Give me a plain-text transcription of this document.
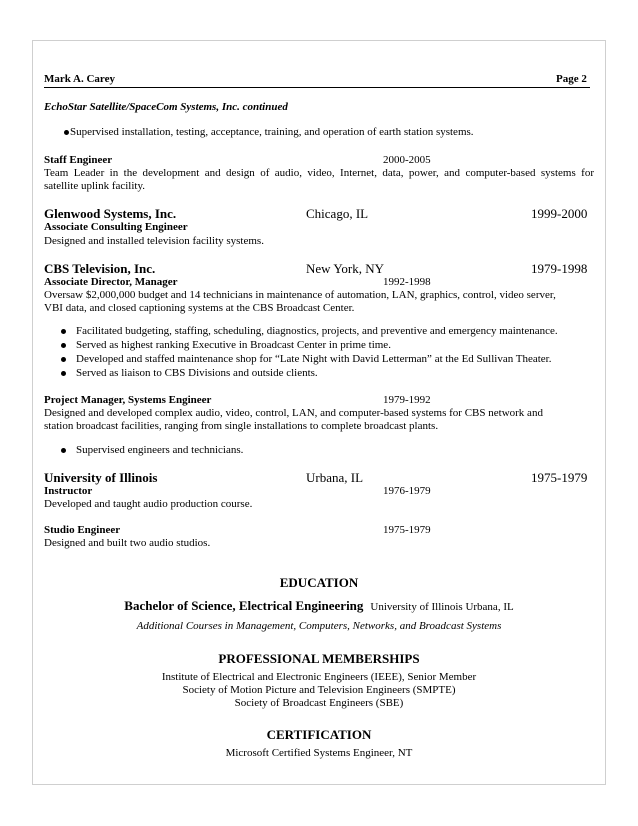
Mark A. Carey	Page 2
EchoStar Satellite/SpaceCom Systems, Inc. continued
Supervised installation, testing, acceptance, training, and operation of earth station systems.
Staff Engineer	2000-2005
Team Leader in the development and design of audio, video, Internet, data, power, and computer-based systems for
satellite uplink facility.
Glenwood Systems, Inc.	Chicago, IL	1999-2000
Associate Consulting Engineer
Designed and installed television facility systems.
CBS Television, Inc.	New York, NY	1979-1998
Associate Director, Manager	1992-1998
Oversaw $2,000,000 budget and 14 technicians in maintenance of automation, LAN, graphics, control, video server,
VBI data, and closed captioning systems at the CBS Broadcast Center.
Facilitated budgeting, staffing, scheduling, diagnostics, projects, and preventive and emergency maintenance.
Served as highest ranking Executive in Broadcast Center in prime time.
Developed and staffed maintenance shop for “Late Night with David Letterman” at the Ed Sullivan Theater.
Served as liaison to CBS Divisions and outside clients.
Project Manager, Systems Engineer	1979-1992
Designed and developed complex audio, video, control, LAN, and computer-based systems for CBS network and
station broadcast facilities, ranging from single installations to complete broadcast plants.
Supervised engineers and technicians.
University of Illinois	Urbana, IL	1975-1979
Instructor	1976-1979
Developed and taught audio production course.
Studio Engineer	1975-1979
Designed and built two audio studios.
EDUCATION
Bachelor of Science, Electrical Engineering University of Illinois Urbana, IL
Additional Courses in Management, Computers, Networks, and Broadcast Systems
PROFESSIONAL MEMBERSHIPS
Institute of Electrical and Electronic Engineers (IEEE), Senior Member
Society of Motion Picture and Television Engineers (SMPTE)
Society of Broadcast Engineers (SBE)
CERTIFICATION
Microsoft Certified Systems Engineer, NT
